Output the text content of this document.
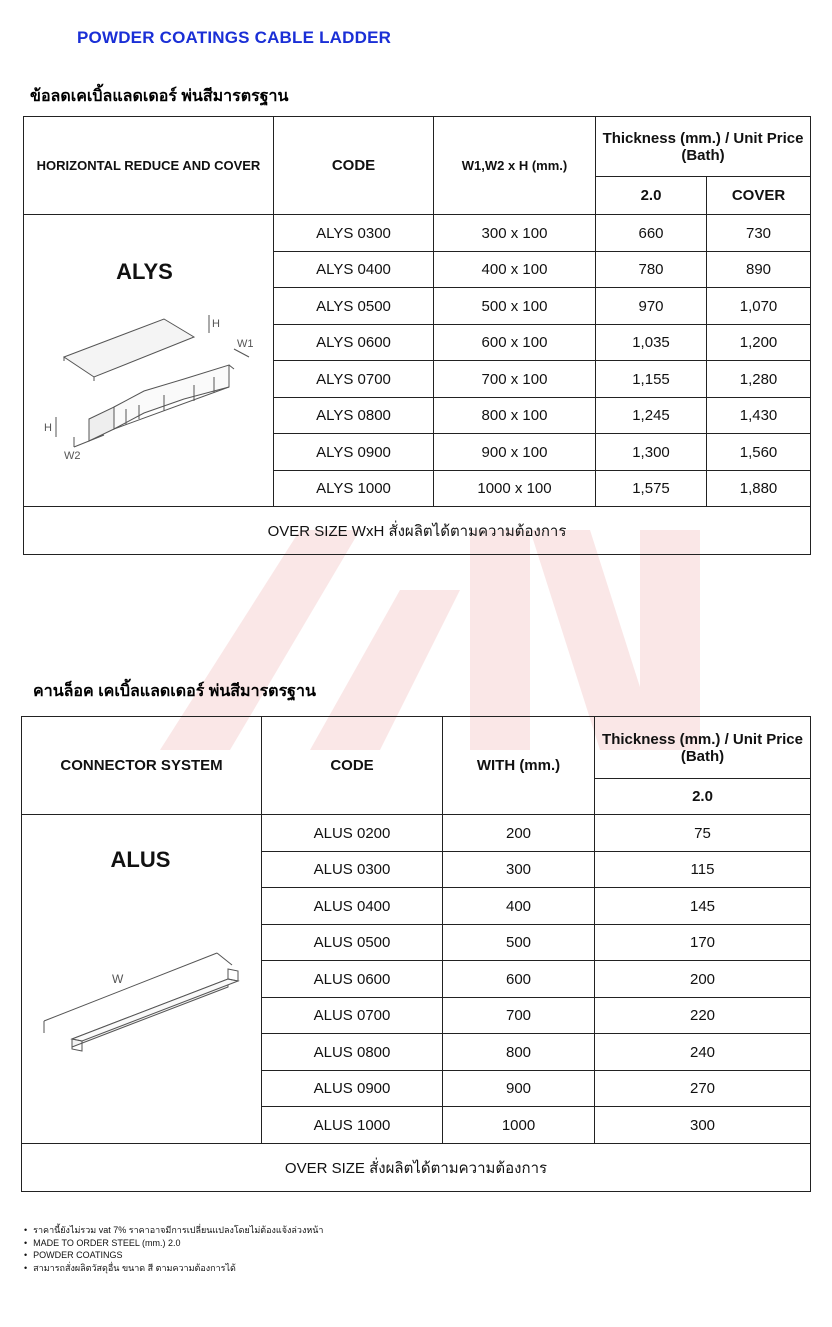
POWDER COATINGS CABLE LADDER
ข้อลดเคเบิ้ลแลดเดอร์ พ่นสีมารตรฐาน
HORIZONTAL REDUCE AND COVER	CODE	W1,W2 x H (mm.)	Thickness (mm.) / Unit Price (Bath)	
			2.0	COVER

ALYS
H
W1
H
W2	ALYS 0300	300 x 100	660	730
	ALYS 0400	400 x 100	780	890
	ALYS 0500	500 x 100	970	1,070
	ALYS 0600	600 x 100	1,035	1,200
	ALYS 0700	700 x 100	1,155	1,280
	ALYS 0800	800 x 100	1,245	1,430
	ALYS 0900	900 x 100	1,300	1,560
	ALYS 1000	1000 x 100	1,575	1,880
OVER SIZE WxH สั่งผลิตได้ตามความต้องการ				
คานล็อค เคเบิ้ลแลดเดอร์ พ่นสีมารตรฐาน
CONNECTOR SYSTEM	CODE	WITH (mm.)	Thickness (mm.) / Unit Price (Bath)
			2.0

ALUS
W	ALUS 0200	200	75
	ALUS 0300	300	115
	ALUS 0400	400	145
	ALUS 0500	500	170
	ALUS 0600	600	200
	ALUS 0700	700	220
	ALUS 0800	800	240
	ALUS 0900	900	270
	ALUS 1000	1000	300
OVER SIZE สั่งผลิตได้ตามความต้องการ			
• ราคานี้ยังไม่รวม vat 7% ราคาอาจมีการเปลี่ยนแปลงโดยไม่ต้องแจ้งล่วงหน้า
• MADE TO ORDER STEEL (mm.) 2.0
• POWDER COATINGS
• สามารถสั่งผลิตวัสดุอื่น ขนาด สี ตามความต้องการได้
